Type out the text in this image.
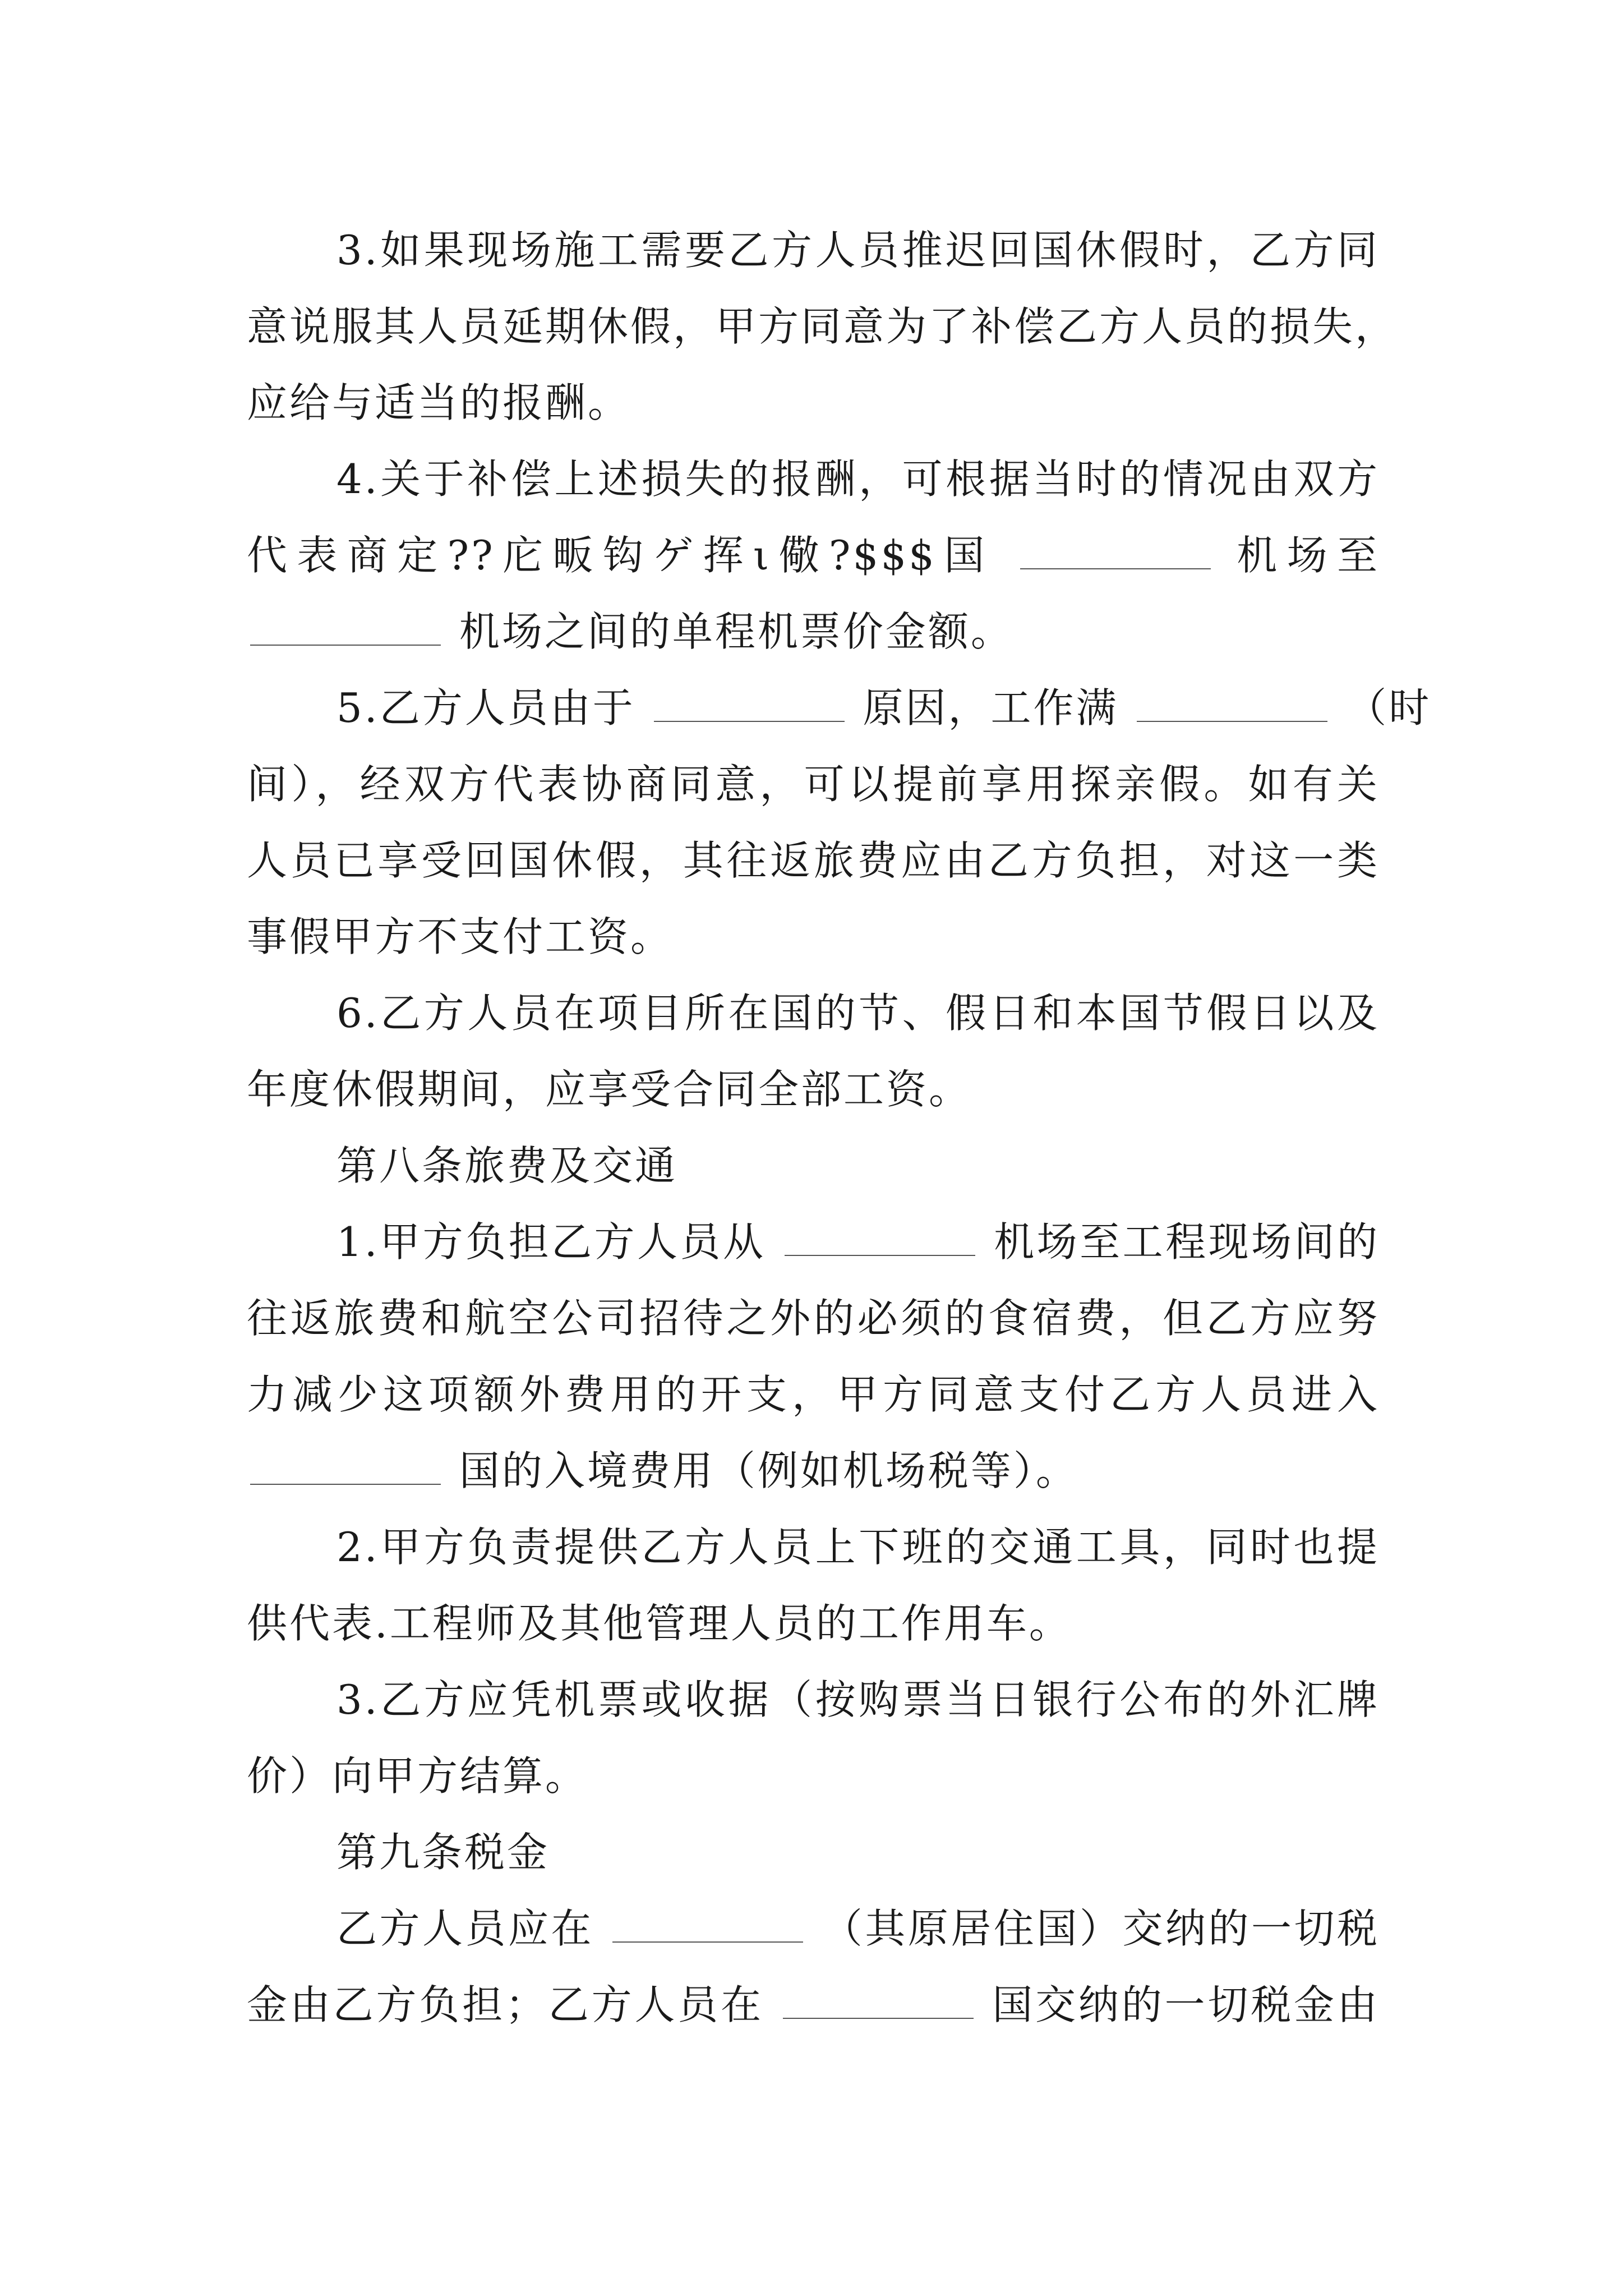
3.如果现场施工需要乙方人员推迟回国休假时，乙方同
意说服其人员延期休假，甲方同意为了补偿乙方人员的损失，
应给与适当的报酬。
4.关于补偿上述损失的报酬，可根据当时的情况由双方
代表商定??庀畈钩ゲ挥ι儆?$$$国	机场至
机场之间的单程机票价金额。
5.乙方人员由于	原因，工作满	（时
间），经双方代表协商同意，可以提前享用探亲假。如有关
人员已享受回国休假，其往返旅费应由乙方负担，对这一类
事假甲方不支付工资。
6.乙方人员在项目所在国的节、假日和本国节假日以及
年度休假期间，应享受合同全部工资。
第八条旅费及交通
1.甲方负担乙方人员从	机场至工程现场间的
往返旅费和航空公司招待之外的必须的食宿费，但乙方应努
力减少这项额外费用的开支，甲方同意支付乙方人员进入
国的入境费用（例如机场税等）。
2.甲方负责提供乙方人员上下班的交通工具，同时也提
供代表.工程师及其他管理人员的工作用车。
3.乙方应凭机票或收据（按购票当日银行公布的外汇牌
价）向甲方结算。
第九条税金
乙方人员应在	（其原居住国）交纳的一切税
金由乙方负担；乙方人员在	国交纳的一切税金由
